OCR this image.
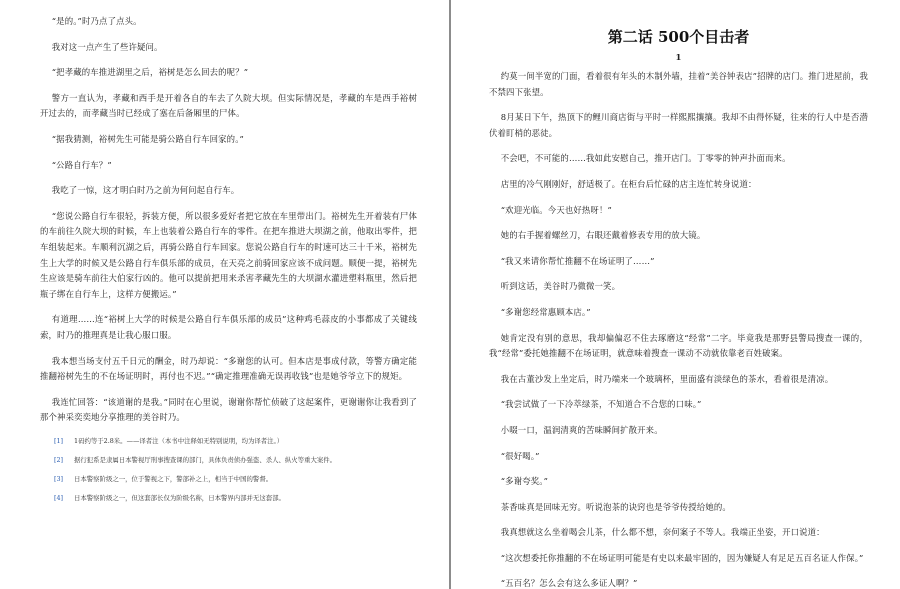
“是的。”时乃点了点头。

我对这一点产生了些许疑问。

“把孝藏的车推进湖里之后，裕树是怎么回去的呢？”

警方一直认为，孝藏和西手是开着各自的车去了久院大坝。但实际情况是，孝藏的车是西手裕树开过去的，而孝藏当时已经成了塞在后备厢里的尸体。

“据我猜测，裕树先生可能是骑公路自行车回家的。”

“公路自行车？”

我吃了一惊，这才明白时乃之前为何问起自行车。

“您说公路自行车很轻，拆装方便，所以很多爱好者把它放在车里带出门。裕树先生开着装有尸体的车前往久院大坝的时候，车上也装着公路自行车的零件。在把车推进大坝湖之前，他取出零件，把车组装起来。车顺利沉湖之后，再骑公路自行车回家。您说公路自行车的时速可达三十千米，裕树先生上大学的时候又是公路自行车俱乐部的成员，在天亮之前骑回家应该不成问题。顺便一提，裕树先生应该是骑车前往大伯家行凶的。他可以提前把用来杀害孝藏先生的大坝湖水灌进塑料瓶里，然后把瓶子绑在自行车上，这样方便搬运。”

有道理……连“裕树上大学的时候是公路自行车俱乐部的成员”这种鸡毛蒜皮的小事都成了关键线索，时乃的推理真是让我心服口服。

我本想当场支付五千日元的酬金，时乃却说：“多谢您的认可。但本店是事成付款，等警方确定能推翻裕树先生的不在场证明时，再付也不迟。”“确定推理准确无误再收钱”也是她爷爷立下的规矩。

我连忙回答：“该道谢的是我。”同时在心里说，谢谢你帮忙侦破了这起案件，更谢谢你让我看到了那个神采奕奕地分享推理的美谷时乃。

[1]	1码约等于2.8米。——译者注（本书中注释如无特别说明，均为译者注。）
[2]	据行犯系是隶属日本警视厅刑事搜查课的部门，具体负责侦办强盗、杀人、纵火等重大案件。
[3]	日本警察阶级之一，位于警视之下，警部补之上，相当于中国的警督。
[4]	日本警察阶级之一，但这套部长仅为阶级名称，日本警界内部并无这套部。
第二话 500个目击者
1

约莫一间半宽的门面，看着很有年头的木制外墙，挂着“美谷钟表店”招牌的店门。推门进屋前，我不禁四下张望。

8月某日下午，热顶下的鲤川商店街与平时一样熙熙攘攘。我却不由得怀疑，往来的行人中是否潜伏着盯梢的恶徒。

不会吧，不可能的……我如此安慰自己，推开店门。丁零零的钟声扑面而来。

店里的冷气刚刚好，舒适极了。在柜台后忙碌的店主连忙转身说道：

“欢迎光临。今天也好热呀！”

她的右手握着螺丝刀，右眼还戴着修表专用的放大镜。

“我又来请你帮忙推翻不在场证明了……”

听到这话，美谷时乃微微一笑。

“多谢您经常惠顾本店。”

她肯定没有别的意思，我却偏偏忍不住去琢磨这“经常”二字。毕竟我是那野县警局搜查一课的，我“经常”委托她推翻不在场证明，就意味着搜查一课动不动就依靠老百姓破案。

我在古董沙发上坐定后，时乃端来一个玻璃杯，里面盛有淡绿色的茶水，看着很是清凉。

“我尝试做了一下冷萃绿茶，不知道合不合您的口味。”

小啜一口，温润清爽的苦味瞬间扩散开来。

“很好喝。”

“多谢夸奖。”

茶香味真是回味无穷。听说泡茶的诀窍也是爷爷传授给她的。

我真想就这么坐着喝会儿茶，什么都不想，奈何案子不等人。我端正坐姿，开口说道：

“这次想委托你推翻的不在场证明可能是有史以来最牢固的，因为嫌疑人有足足五百名证人作保。”

“五百名？怎么会有这么多证人啊？”
